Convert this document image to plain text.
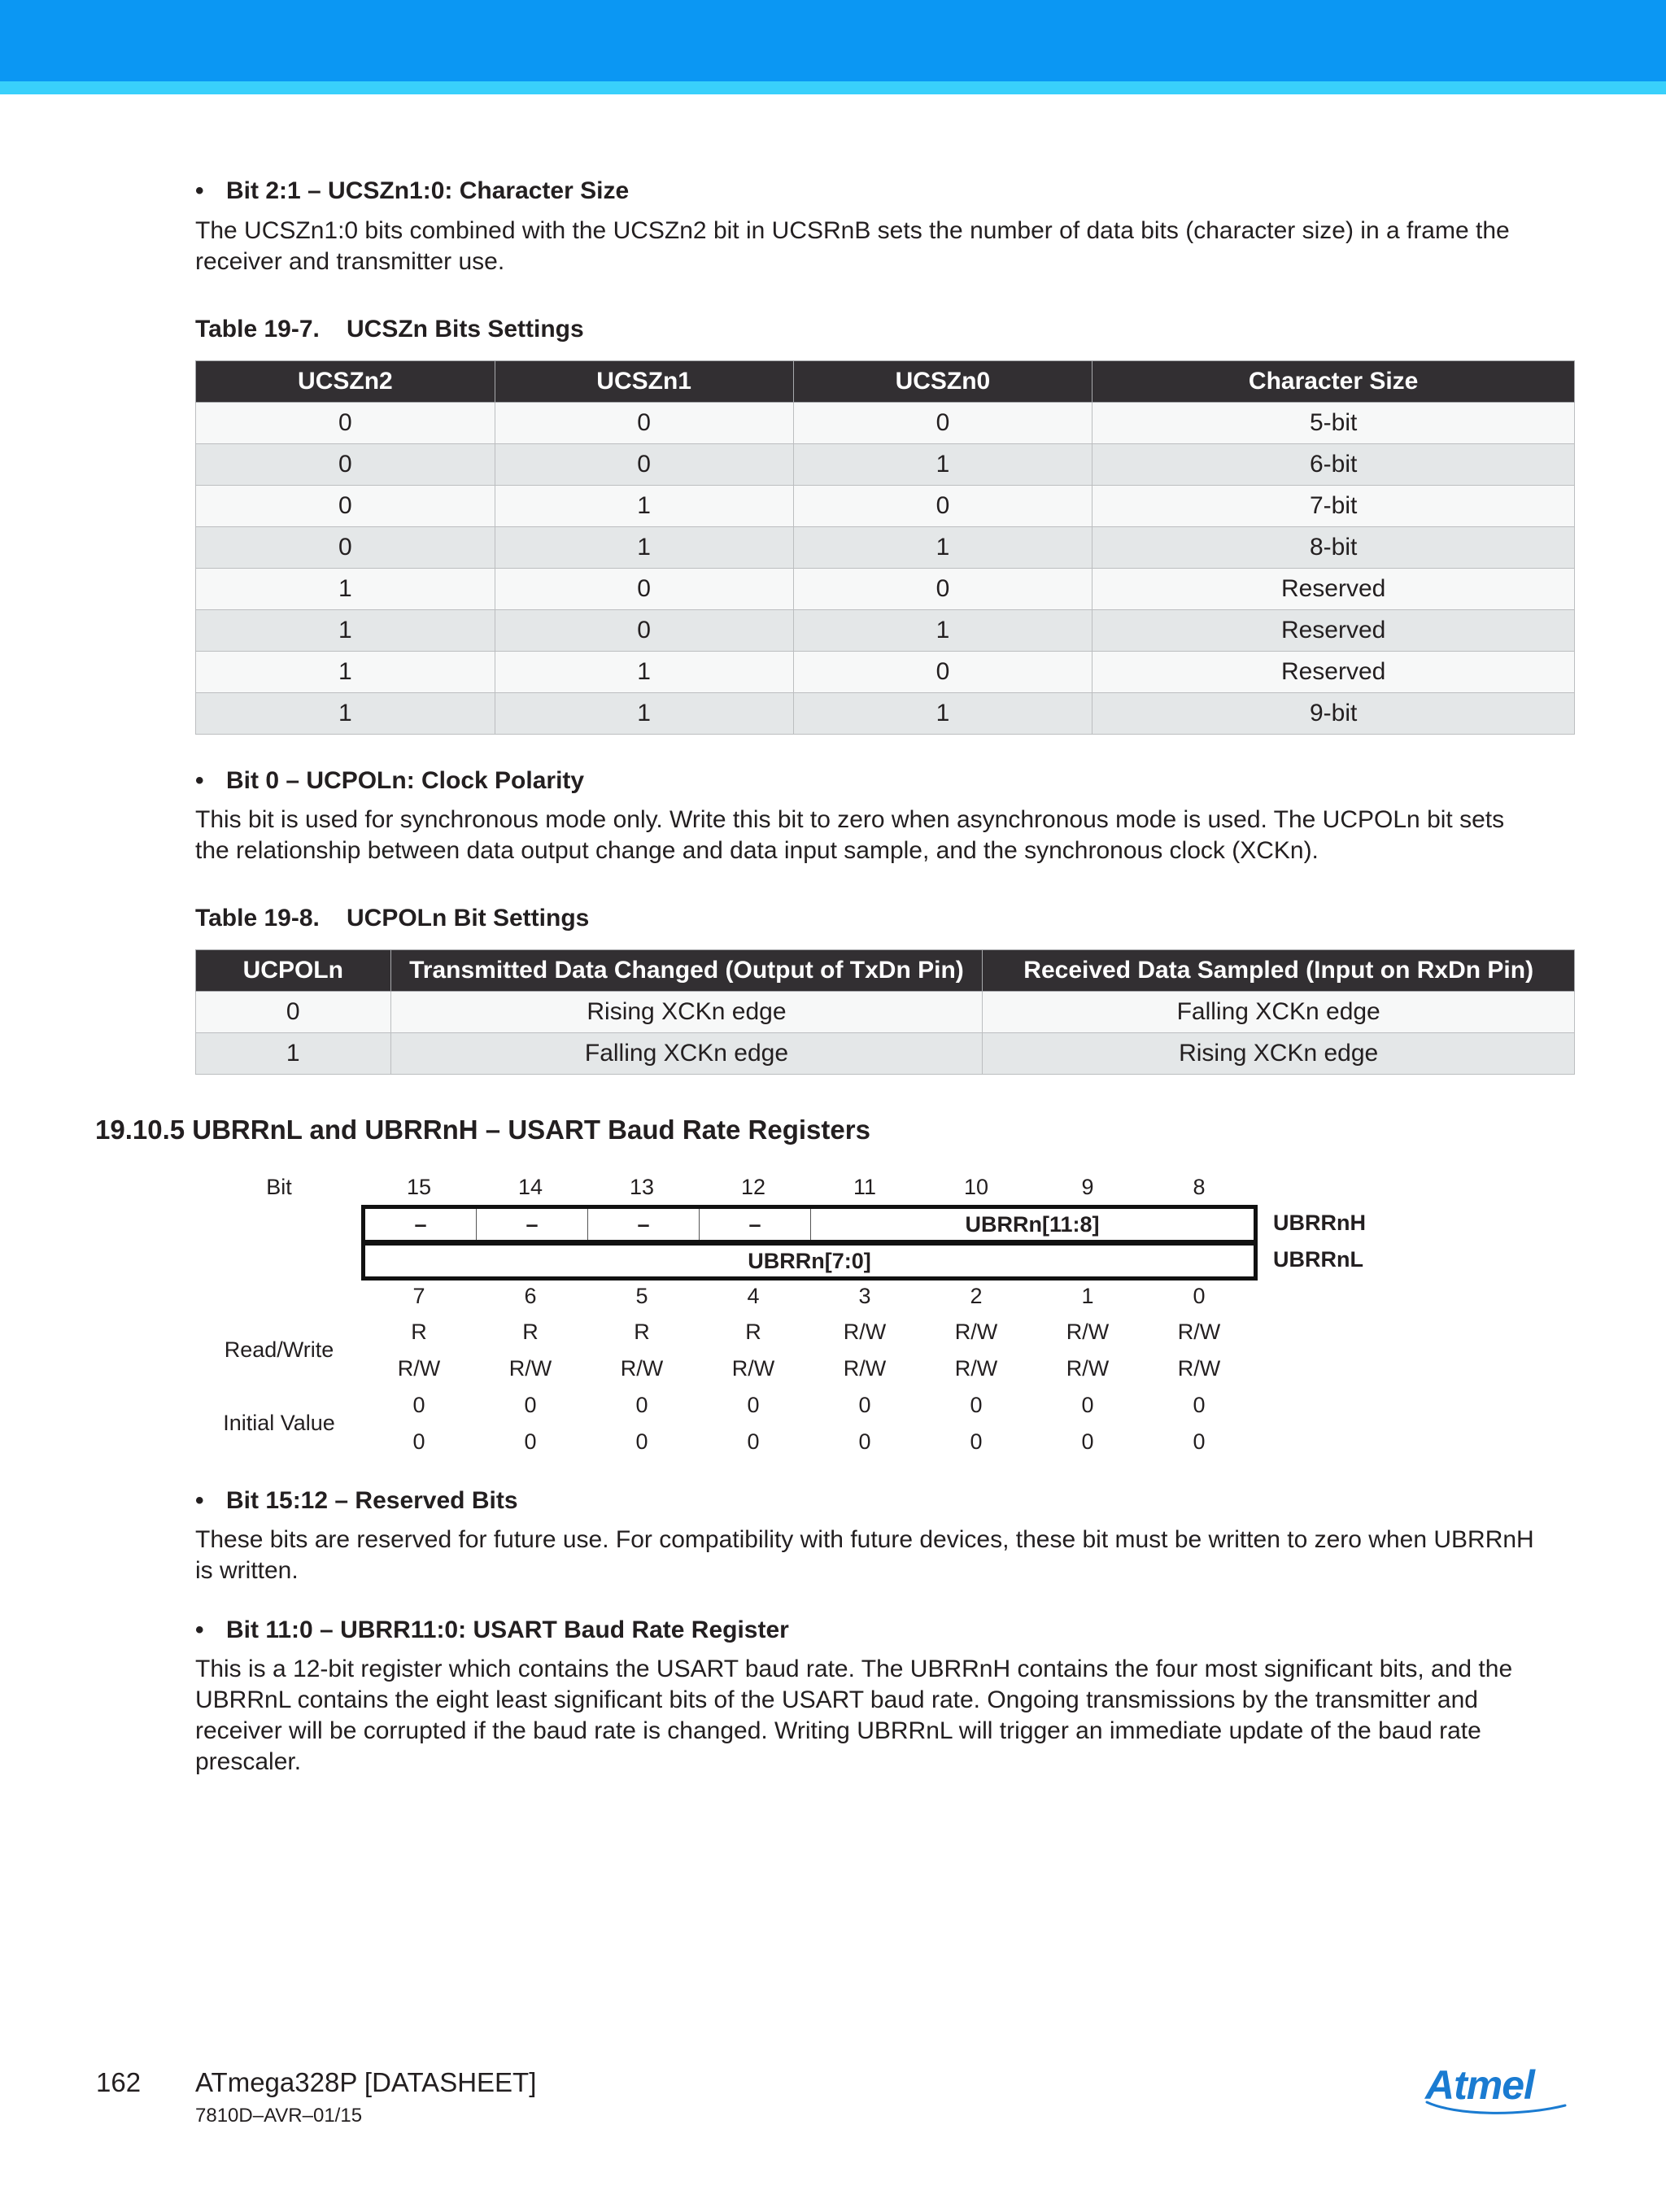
• Bit 2:1 – UCSZn1:0: Character Size
The UCSZn1:0 bits combined with the UCSZn2 bit in UCSRnB sets the number of data bits (character size) in a frame the
receiver and transmitter use.
Table 19-7. UCSZn Bits Settings
UCSZn2	UCSZn1	UCSZn0	Character Size
0	0	0	5-bit
0	0	1	6-bit
0	1	0	7-bit
0	1	1	8-bit
1	0	0	Reserved
1	0	1	Reserved
1	1	0	Reserved
1	1	1	9-bit
• Bit 0 – UCPOLn: Clock Polarity
This bit is used for synchronous mode only. Write this bit to zero when asynchronous mode is used. The UCPOLn bit sets
the relationship between data output change and data input sample, and the synchronous clock (XCKn).
Table 19-8. UCPOLn Bit Settings
UCPOLn	Transmitted Data Changed (Output of TxDn Pin)	Received Data Sampled (Input on RxDn Pin)
0	Rising XCKn edge	Falling XCKn edge
1	Falling XCKn edge	Rising XCKn edge
19.10.5 UBRRnL and UBRRnH – USART Baud Rate Registers
Bit	15	14	13	12	11	10	9	8
–	–	–	–	UBRRn[11:8]	UBRRnH
UBRRn[7:0]	UBRRnL
7	6	5	4	3	2	1	0
Read/Write
R	R	R	R	R/W	R/W	R/W	R/W
R/W	R/W	R/W	R/W	R/W	R/W	R/W	R/W
Initial Value
0	0	0	0	0	0	0	0
0	0	0	0	0	0	0	0
• Bit 15:12 – Reserved Bits
These bits are reserved for future use. For compatibility with future devices, these bit must be written to zero when UBRRnH
is written.
• Bit 11:0 – UBRR11:0: USART Baud Rate Register
This is a 12-bit register which contains the USART baud rate. The UBRRnH contains the four most significant bits, and the
UBRRnL contains the eight least significant bits of the USART baud rate. Ongoing transmissions by the transmitter and
receiver will be corrupted if the baud rate is changed. Writing UBRRnL will trigger an immediate update of the baud rate
prescaler.
162 ATmega328P [DATASHEET]
7810D–AVR–01/15
Atmel
